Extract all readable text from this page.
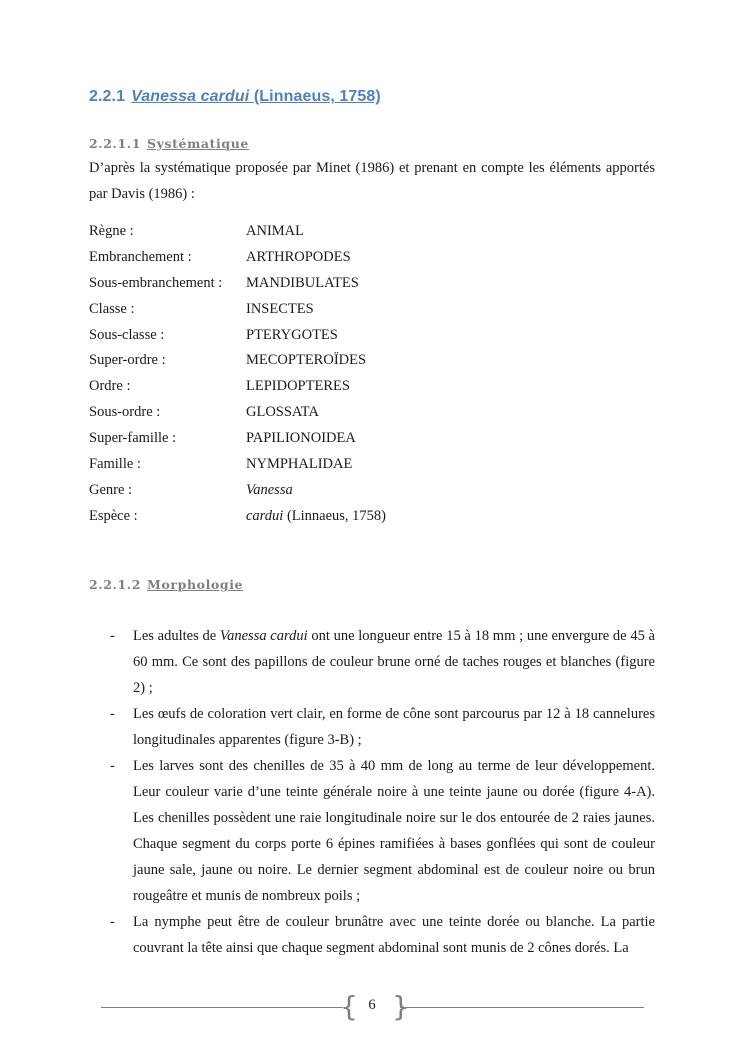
2.2.1 Vanessa cardui (Linnaeus, 1758)
2.2.1.1 Systématique
D’après la systématique proposée par Minet (1986) et prenant en compte les éléments apportés par Davis (1986) :
Règne :	ANIMAL
Embranchement :	ARTHROPODES
Sous-embranchement : MANDIBULATES
Classe :	INSECTES
Sous-classe :	PTERYGOTES
Super-ordre :	MECOPTEROÏDES
Ordre :	LEPIDOPTERES
Sous-ordre :	GLOSSATA
Super-famille :	PAPILIONOIDEA
Famille :	NYMPHALIDAE
Genre :	Vanessa
Espèce :	cardui (Linnaeus, 1758)
2.2.1.2 Morphologie
- Les adultes de Vanessa cardui ont une longueur entre 15 à 18 mm ; une envergure de 45 à 60 mm. Ce sont des papillons de couleur brune orné de taches rouges et blanches (figure 2) ;
- Les œufs de coloration vert clair, en forme de cône sont parcourus par 12 à 18 cannelures longitudinales apparentes (figure 3-B) ;
- Les larves sont des chenilles de 35 à 40 mm de long au terme de leur développement. Leur couleur varie d’une teinte générale noire à une teinte jaune ou dorée (figure 4-A). Les chenilles possèdent une raie longitudinale noire sur le dos entourée de 2 raies jaunes. Chaque segment du corps porte 6 épines ramifiées à bases gonflées qui sont de couleur jaune sale, jaune ou noire. Le dernier segment abdominal est de couleur noire ou brun rougeâtre et munis de nombreux poils ;
- La nymphe peut être de couleur brunâtre avec une teinte dorée ou blanche. La partie couvrant la tête ainsi que chaque segment abdominal sont munis de 2 cônes dorés. La
{ }
6
